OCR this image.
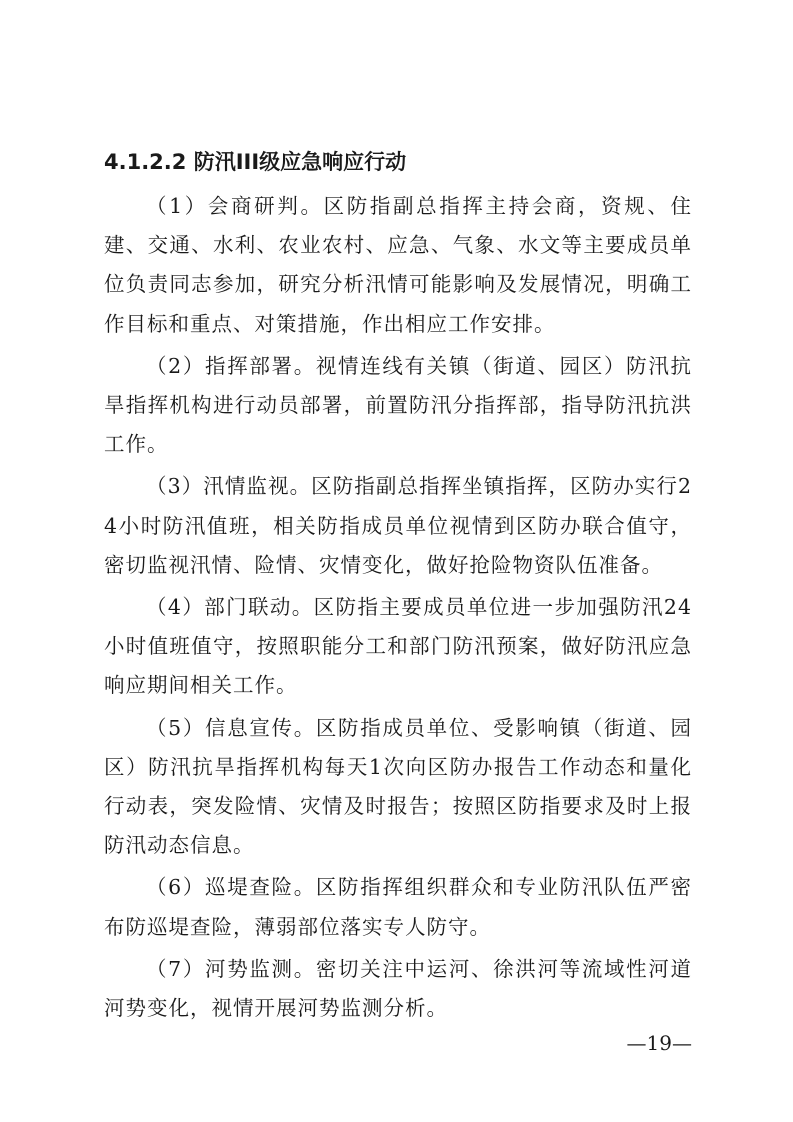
4.1.2.2 防汛III级应急响应行动

（1）会商研判。区防指副总指挥主持会商，资规、住建、交通、水利、农业农村、应急、气象、水文等主要成员单位负责同志参加，研究分析汛情可能影响及发展情况，明确工作目标和重点、对策措施，作出相应工作安排。

（2）指挥部署。视情连线有关镇（街道、园区）防汛抗旱指挥机构进行动员部署，前置防汛分指挥部，指导防汛抗洪工作。

（3）汛情监视。区防指副总指挥坐镇指挥，区防办实行24小时防汛值班，相关防指成员单位视情到区防办联合值守，密切监视汛情、险情、灾情变化，做好抢险物资队伍准备。

（4）部门联动。区防指主要成员单位进一步加强防汛24小时值班值守，按照职能分工和部门防汛预案，做好防汛应急响应期间相关工作。

（5）信息宣传。区防指成员单位、受影响镇（街道、园区）防汛抗旱指挥机构每天1次向区防办报告工作动态和量化行动表，突发险情、灾情及时报告；按照区防指要求及时上报防汛动态信息。

（6）巡堤查险。区防指挥组织群众和专业防汛队伍严密布防巡堤查险，薄弱部位落实专人防守。

（7）河势监测。密切关注中运河、徐洪河等流域性河道河势变化，视情开展河势监测分析。

—19—
